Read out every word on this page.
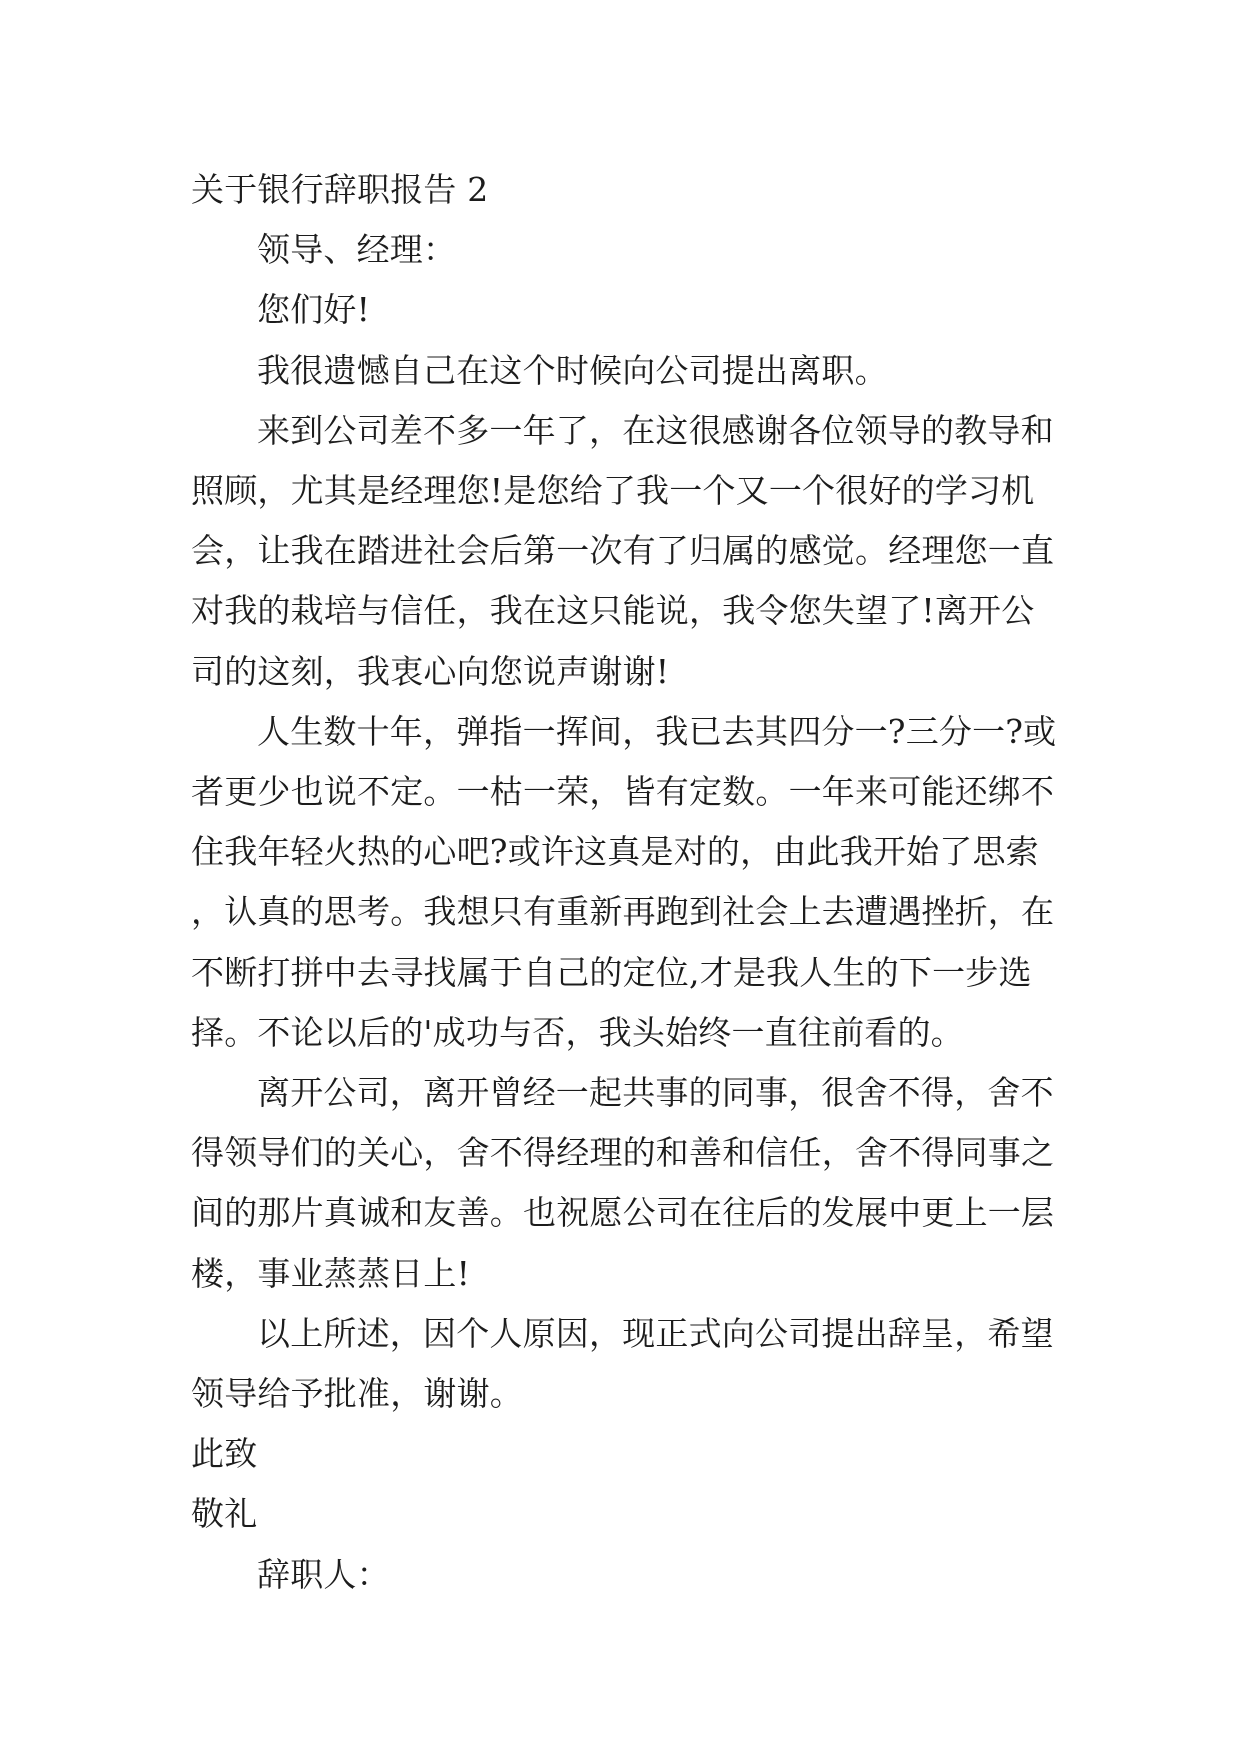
关于银行辞职报告 2

领导、经理：

您们好!

我很遗憾自己在这个时候向公司提出离职。

来到公司差不多一年了，在这很感谢各位领导的教导和照顾，尤其是经理您!是您给了我一个又一个很好的学习机会，让我在踏进社会后第一次有了归属的感觉。经理您一直对我的栽培与信任，我在这只能说，我令您失望了!离开公司的这刻，我衷心向您说声谢谢!

人生数十年，弹指一挥间，我已去其四分一?三分一?或者更少也说不定。一枯一荣，皆有定数。一年来可能还绑不住我年轻火热的心吧?或许这真是对的，由此我开始了思索，认真的思考。我想只有重新再跑到社会上去遭遇挫折，在不断打拼中去寻找属于自己的定位,才是我人生的下一步选择。不论以后的'成功与否，我头始终一直往前看的。

离开公司，离开曾经一起共事的同事，很舍不得，舍不得领导们的关心，舍不得经理的和善和信任，舍不得同事之间的那片真诚和友善。也祝愿公司在往后的发展中更上一层楼，事业蒸蒸日上!

以上所述，因个人原因，现正式向公司提出辞呈，希望领导给予批准，谢谢。

此致

敬礼

辞职人：
